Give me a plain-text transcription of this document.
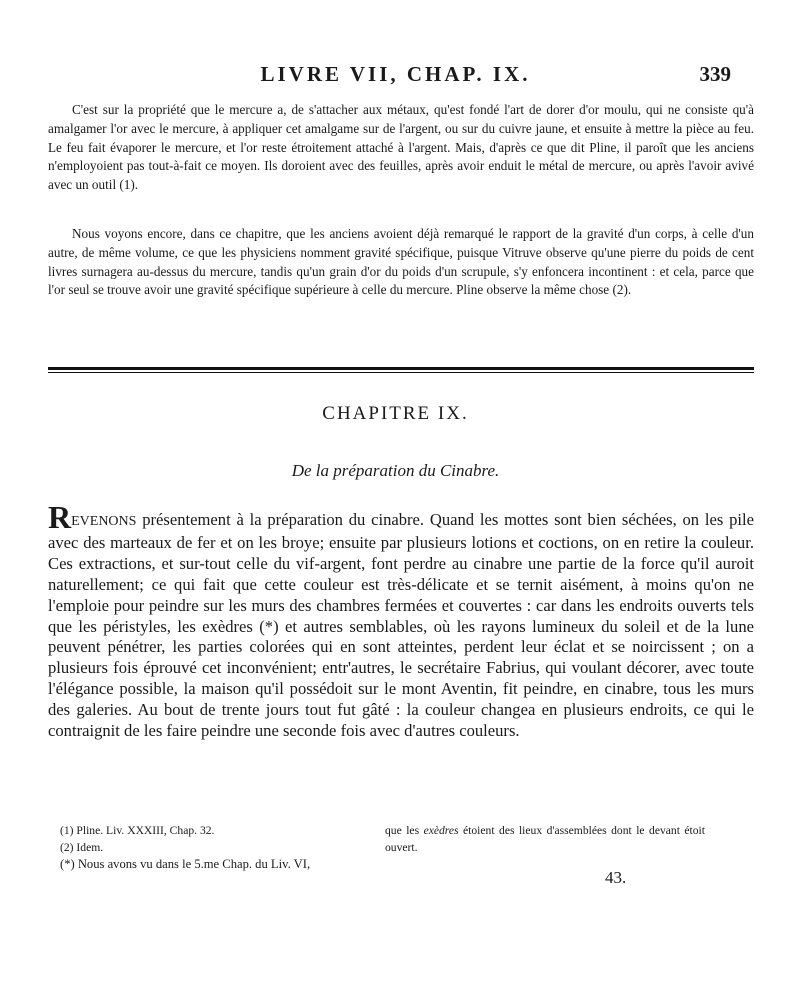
LIVRE VII, CHAP. IX.	339

C'est sur la propriété que le mercure a, de s'attacher aux métaux, qu'est fondé l'art de dorer d'or moulu, qui ne consiste qu'à amalgamer l'or avec le mercure, à appliquer cet amalgame sur de l'argent, ou sur du cuivre jaune, et ensuite à mettre la pièce au feu. Le feu fait évaporer le mercure, et l'or reste étroitement attaché à l'argent. Mais, d'après ce que dit Pline, il paroît que les anciens n'employoient pas tout-à-fait ce moyen. Ils doroient avec des feuilles, après avoir enduit le métal de mercure, ou après l'avoir avivé avec un outil (1).

Nous voyons encore, dans ce chapitre, que les anciens avoient déjà remarqué le rapport de la gravité d'un corps, à celle d'un autre, de même volume, ce que les physiciens nomment gravité spécifique, puisque Vitruve observe qu'une pierre du poids de cent livres surnagera au-dessus du mercure, tandis qu'un grain d'or du poids d'un scrupule, s'y enfoncera incontinent : et cela, parce que l'or seul se trouve avoir une gravité spécifique supérieure à celle du mercure. Pline observe la même chose (2).

CHAPITRE IX.
De la préparation du Cinabre.

REVENONS présentement à la préparation du cinabre. Quand les mottes sont bien séchées, on les pile avec des marteaux de fer et on les broye; ensuite par plusieurs lotions et coctions, on en retire la couleur. Ces extractions, et sur-tout celle du vif-argent, font perdre au cinabre une partie de la force qu'il auroit naturellement; ce qui fait que cette couleur est très-délicate et se ternit aisément, à moins qu'on ne l'emploie pour peindre sur les murs des chambres fermées et couvertes : car dans les endroits ouverts tels que les péristyles, les exèdres (*) et autres semblables, où les rayons lumineux du soleil et de la lune peuvent pénétrer, les parties colorées qui en sont atteintes, perdent leur éclat et se noircissent ; on a plusieurs fois éprouvé cet inconvénient; entr'autres, le secrétaire Fabrius, qui voulant décorer, avec toute l'élégance possible, la maison qu'il possédoit sur le mont Aventin, fit peindre, en cinabre, tous les murs des galeries. Au bout de trente jours tout fut gâté : la couleur changea en plusieurs endroits, ce qui le contraignit de les faire peindre une seconde fois avec d'autres couleurs.

(1) Pline. Liv. XXXIII, Chap. 32.
(2) Idem.
(*) Nous avons vu dans le 5.me Chap. du Liv. VI,
que les exèdres étoient des lieux d'assemblées dont le devant étoit ouvert.
43.
